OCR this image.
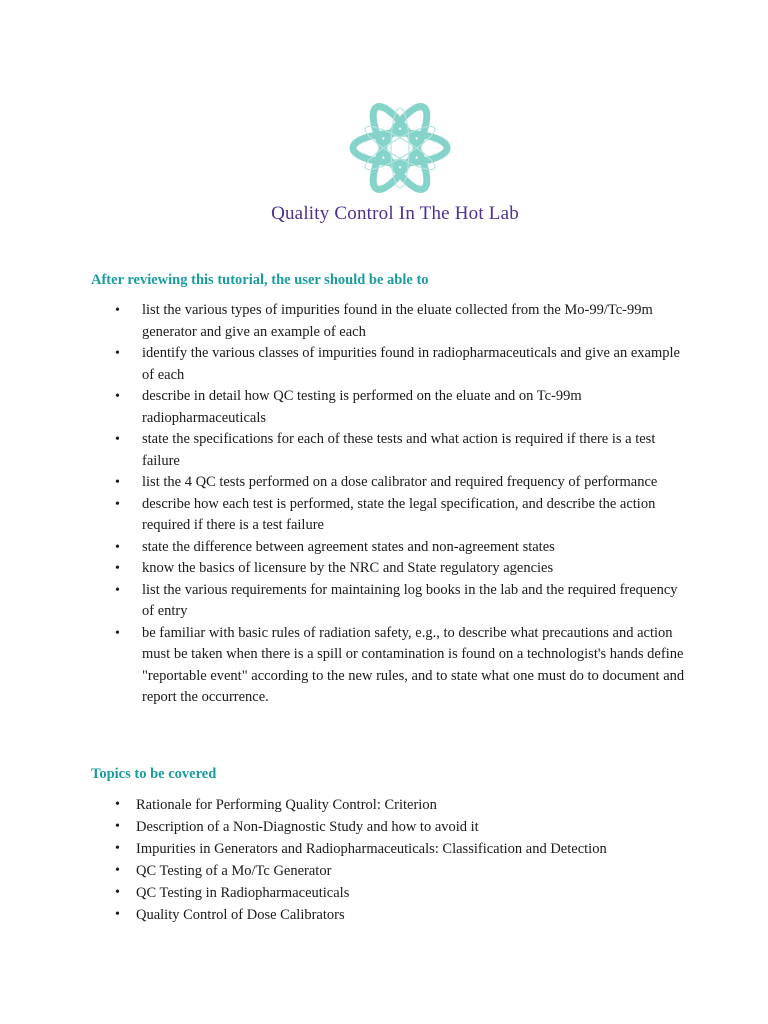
Quality Control In The Hot Lab
After reviewing this tutorial, the user should be able to
• list the various types of impurities found in the eluate collected from the Mo-99/Tc-99m generator and give an example of each
• identify the various classes of impurities found in radiopharmaceuticals and give an example of each
• describe in detail how QC testing is performed on the eluate and on Tc-99m radiopharmaceuticals
• state the specifications for each of these tests and what action is required if there is a test failure
• list the 4 QC tests performed on a dose calibrator and required frequency of performance
• describe how each test is performed, state the legal specification, and describe the action required if there is a test failure
• state the difference between agreement states and non-agreement states
• know the basics of licensure by the NRC and State regulatory agencies
• list the various requirements for maintaining log books in the lab and the required frequency of entry
• be familiar with basic rules of radiation safety, e.g., to describe what precautions and action must be taken when there is a spill or contamination is found on a technologist's hands define "reportable event" according to the new rules, and to state what one must do to document and report the occurrence.
Topics to be covered
• Rationale for Performing Quality Control: Criterion
• Description of a Non-Diagnostic Study and how to avoid it
• Impurities in Generators and Radiopharmaceuticals: Classification and Detection
• QC Testing of a Mo/Tc Generator
• QC Testing in Radiopharmaceuticals
• Quality Control of Dose Calibrators
